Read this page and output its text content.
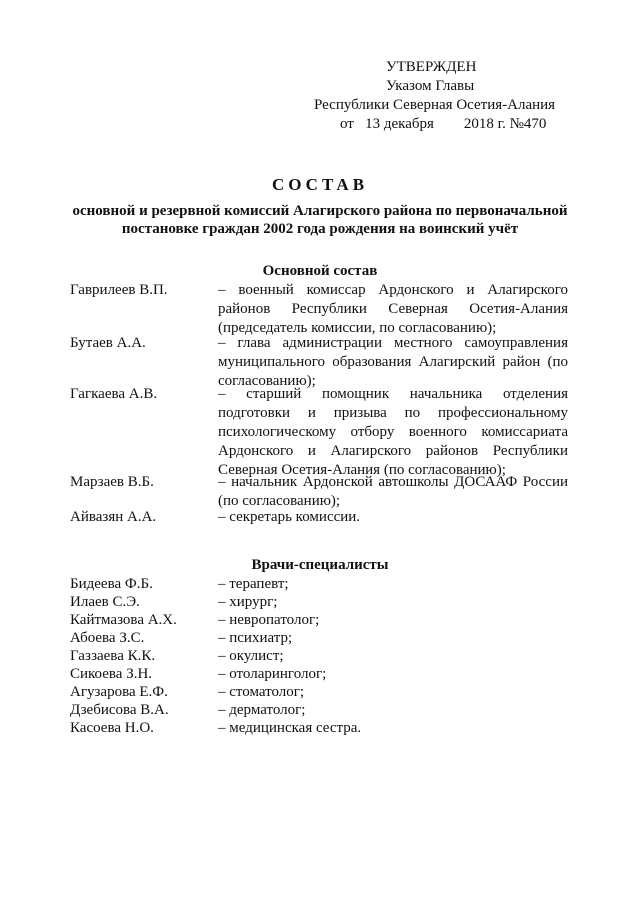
УТВЕРЖДЕН
Указом Главы
Республики Северная Осетия-Алания
от   13 декабря        2018 г. №470
СОСТАВ
основной и резервной комиссий Алагирского района по первоначальной постановке граждан 2002 года рождения на воинский учёт
Основной состав
Гаврилеев В.П.	– военный комиссар Ардонского и Алагирского районов Республики Северная Осетия-Алания (председатель комиссии, по согласованию);
Бутаев А.А.	– глава администрации местного самоуправления муниципального образования Алагирский район (по согласованию);
Гагкаева А.В.	– старший помощник начальника отделения подготовки и призыва по профессиональному психологическому отбору военного комиссариата Ардонского и Алагирского районов Республики Северная Осетия-Алания (по согласованию);
Марзаев В.Б.	– начальник Ардонской автошколы ДОСААФ России (по согласованию);
Айвазян А.А.	– секретарь комиссии.
Врачи-специалисты
Бидеева Ф.Б.	– терапевт;
Илаев С.Э.	– хирург;
Кайтмазова А.Х.	– невропатолог;
Абоева З.С.	– психиатр;
Газзаева К.К.	– окулист;
Сикоева З.Н.	– отоларинголог;
Агузарова Е.Ф.	– стоматолог;
Дзебисова В.А.	– дерматолог;
Касоева Н.О.	– медицинская сестра.
